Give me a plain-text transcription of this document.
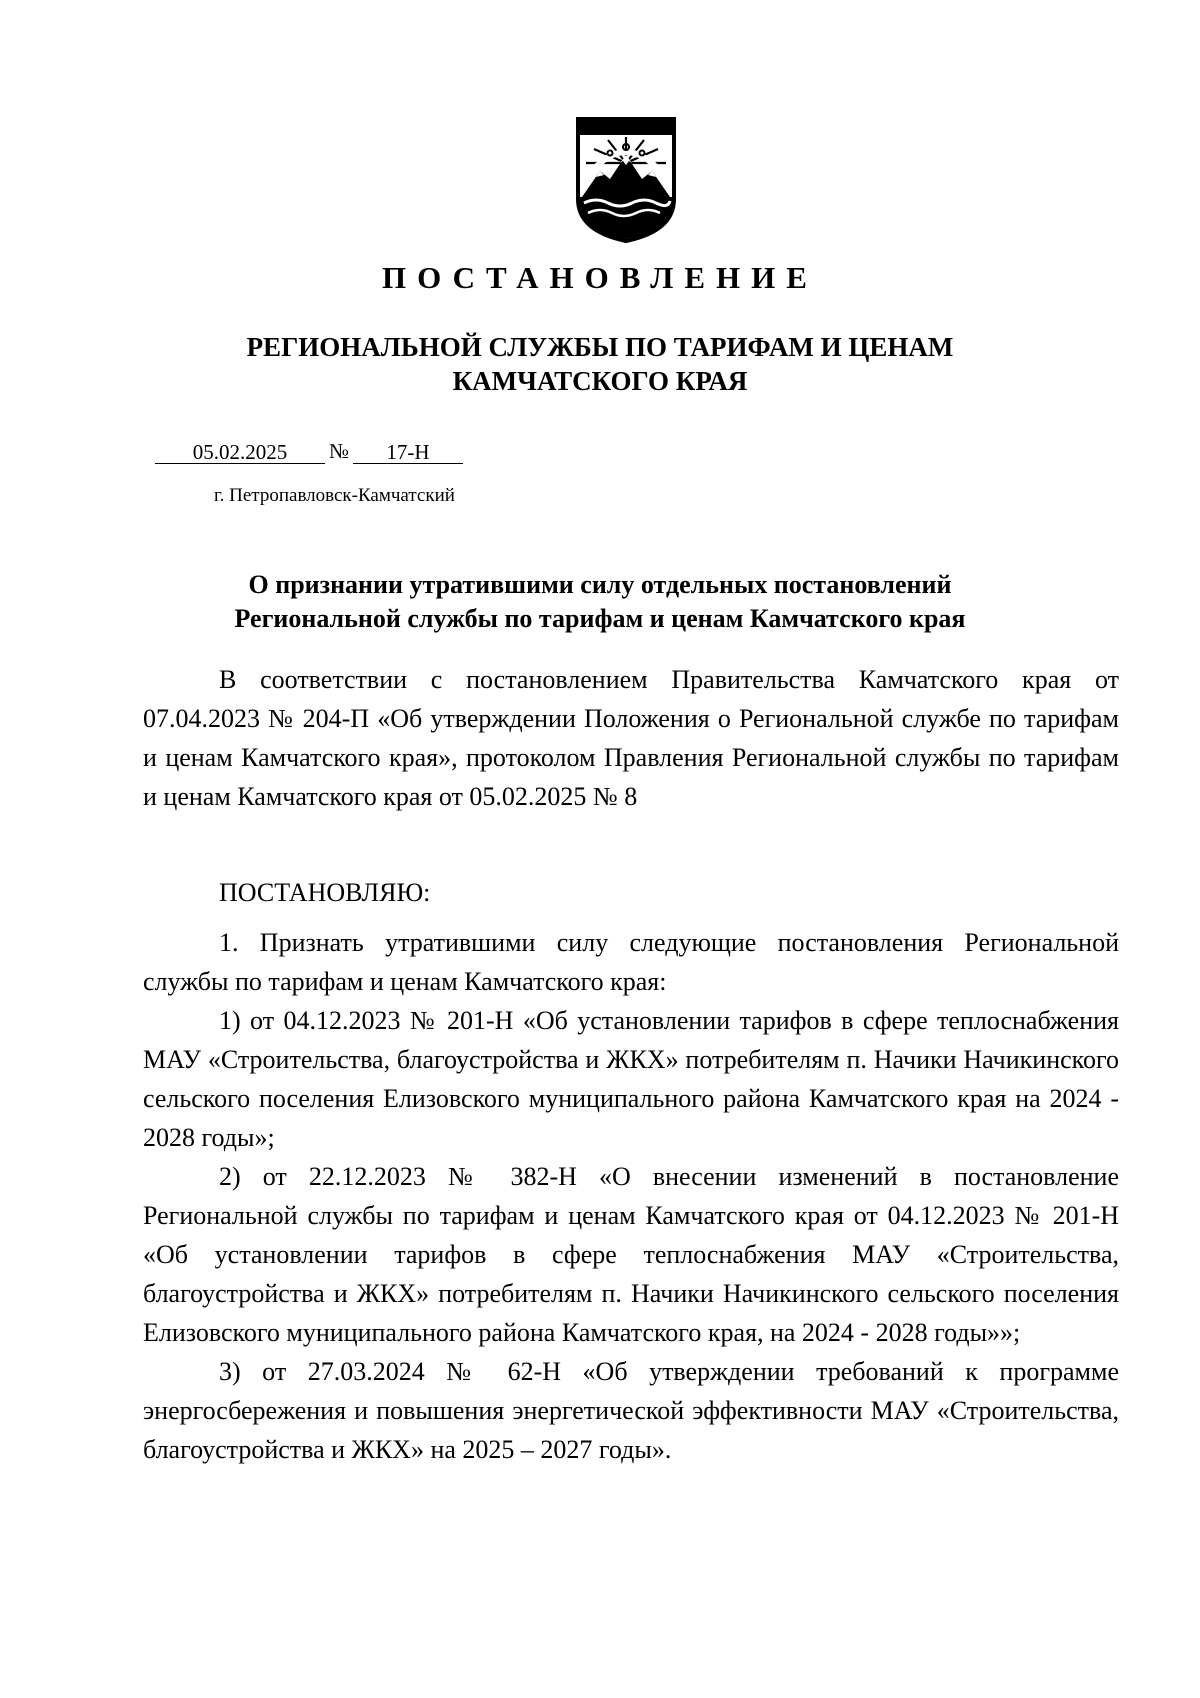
ПОСТАНОВЛЕНИЕ
РЕГИОНАЛЬНОЙ СЛУЖБЫ ПО ТАРИФАМ И ЦЕНАМ
КАМЧАТСКОГО КРАЯ
05.02.2025 № 17-Н
г. Петропавловск-Камчатский
О признании утратившими силу отдельных постановлений
Региональной службы по тарифам и ценам Камчатского края

В соответствии с постановлением Правительства Камчатского края от 07.04.2023 № 204-П «Об утверждении Положения о Региональной службе по тарифам и ценам Камчатского края», протоколом Правления Региональной службы по тарифам и ценам Камчатского края от 05.02.2025 № 8

ПОСТАНОВЛЯЮ:

1. Признать утратившими силу следующие постановления Региональной службы по тарифам и ценам Камчатского края:

1) от 04.12.2023 № 201-Н «Об установлении тарифов в сфере теплоснабжения МАУ «Строительства, благоустройства и ЖКХ» потребителям п. Начики Начикинского сельского поселения Елизовского муниципального района Камчатского края на 2024 - 2028 годы»;

2) от 22.12.2023 № 382-Н «О внесении изменений в постановление Региональной службы по тарифам и ценам Камчатского края от 04.12.2023 № 201-Н «Об установлении тарифов в сфере теплоснабжения МАУ «Строительства, благоустройства и ЖКХ» потребителям п. Начики Начикинского сельского поселения Елизовского муниципального района Камчатского края, на 2024 - 2028 годы»»;

3) от 27.03.2024 № 62-Н «Об утверждении требований к программе энергосбережения и повышения энергетической эффективности МАУ «Строительства, благоустройства и ЖКХ» на 2025 – 2027 годы».
